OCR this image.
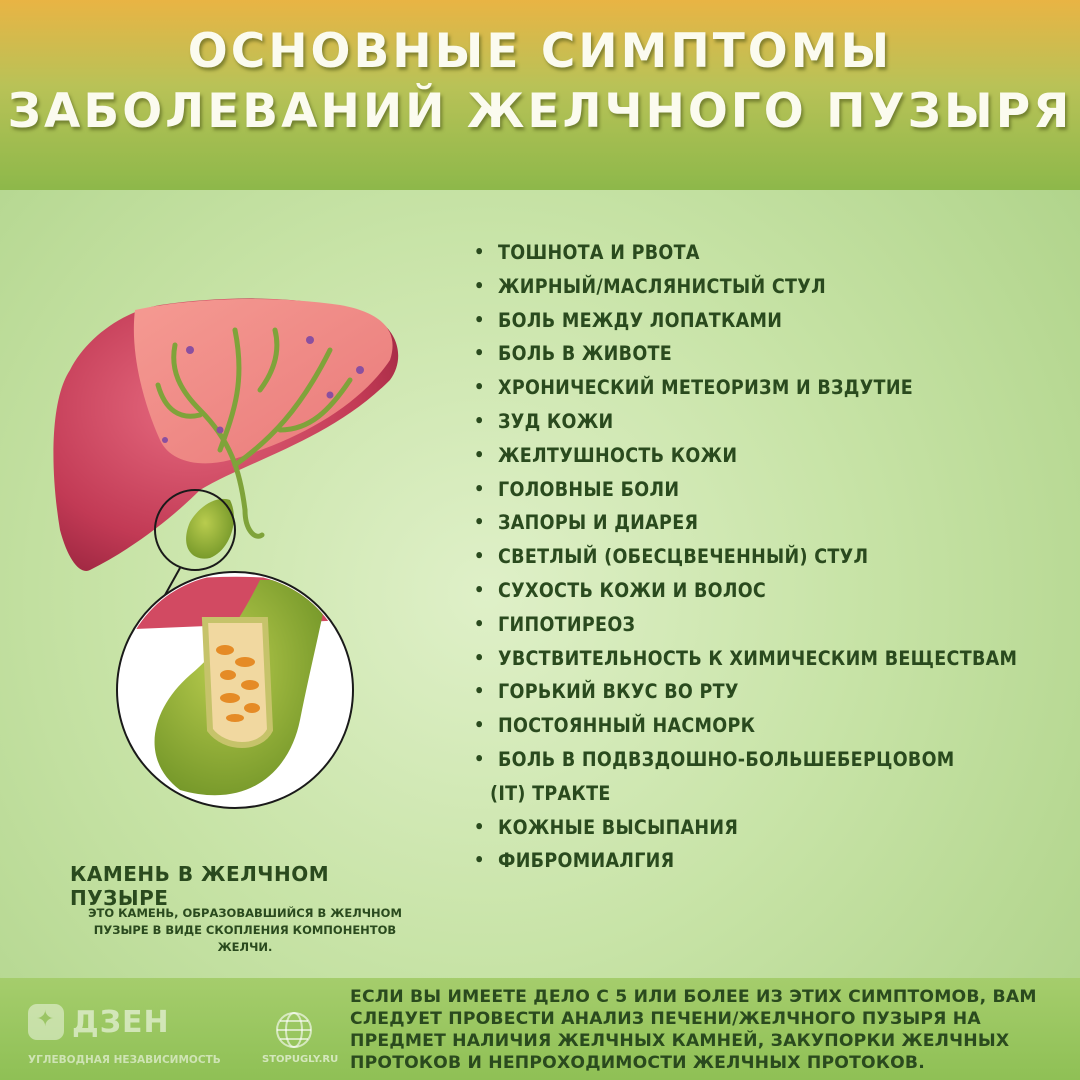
ОСНОВНЫЕ СИМПТОМЫ
ЗАБОЛЕВАНИЙ ЖЕЛЧНОГО ПУЗЫРЯ
• ТОШНОТА И РВОТА
• ЖИРНЫЙ/МАСЛЯНИСТЫЙ СТУЛ
• БОЛЬ МЕЖДУ ЛОПАТКАМИ
• БОЛЬ В ЖИВОТЕ
• ХРОНИЧЕСКИЙ МЕТЕОРИЗМ И ВЗДУТИЕ
• ЗУД КОЖИ
• ЖЕЛТУШНОСТЬ КОЖИ
• ГОЛОВНЫЕ БОЛИ
• ЗАПОРЫ И ДИАРЕЯ
• СВЕТЛЫЙ (ОБЕСЦВЕЧЕННЫЙ) СТУЛ
• СУХОСТЬ КОЖИ И ВОЛОС
• ГИПОТИРЕОЗ
• УВСТВИТЕЛЬНОСТЬ К ХИМИЧЕСКИМ ВЕЩЕСТВАМ
• ГОРЬКИЙ ВКУС ВО РТУ
• ПОСТОЯННЫЙ НАСМОРК
• БОЛЬ В ПОДВЗДОШНО-БОЛЬШЕБЕРЦОВОМ
(IT) ТРАКТЕ
• КОЖНЫЕ ВЫСЫПАНИЯ
• ФИБРОМИАЛГИЯ
КАМЕНЬ В ЖЕЛЧНОМ ПУЗЫРЕ
ЭТО КАМЕНЬ, ОБРАЗОВАВШИЙСЯ В ЖЕЛЧНОМ ПУЗЫРЕ В ВИДЕ СКОПЛЕНИЯ КОМПОНЕНТОВ ЖЕЛЧИ.
✦
ДЗЕН
УГЛЕВОДНАЯ НЕЗАВИСИМОСТЬ	STOPUGLY.RU
ЕСЛИ ВЫ ИМЕЕТЕ ДЕЛО С 5 ИЛИ БОЛЕЕ ИЗ ЭТИХ СИМПТОМОВ, ВАМ СЛЕДУЕТ ПРОВЕСТИ АНАЛИЗ ПЕЧЕНИ/ЖЕЛЧНОГО ПУЗЫРЯ НА ПРЕДМЕТ НАЛИЧИЯ ЖЕЛЧНЫХ КАМНЕЙ, ЗАКУПОРКИ ЖЕЛЧНЫХ ПРОТОКОВ И НЕПРОХОДИМОСТИ ЖЕЛЧНЫХ ПРОТОКОВ.
